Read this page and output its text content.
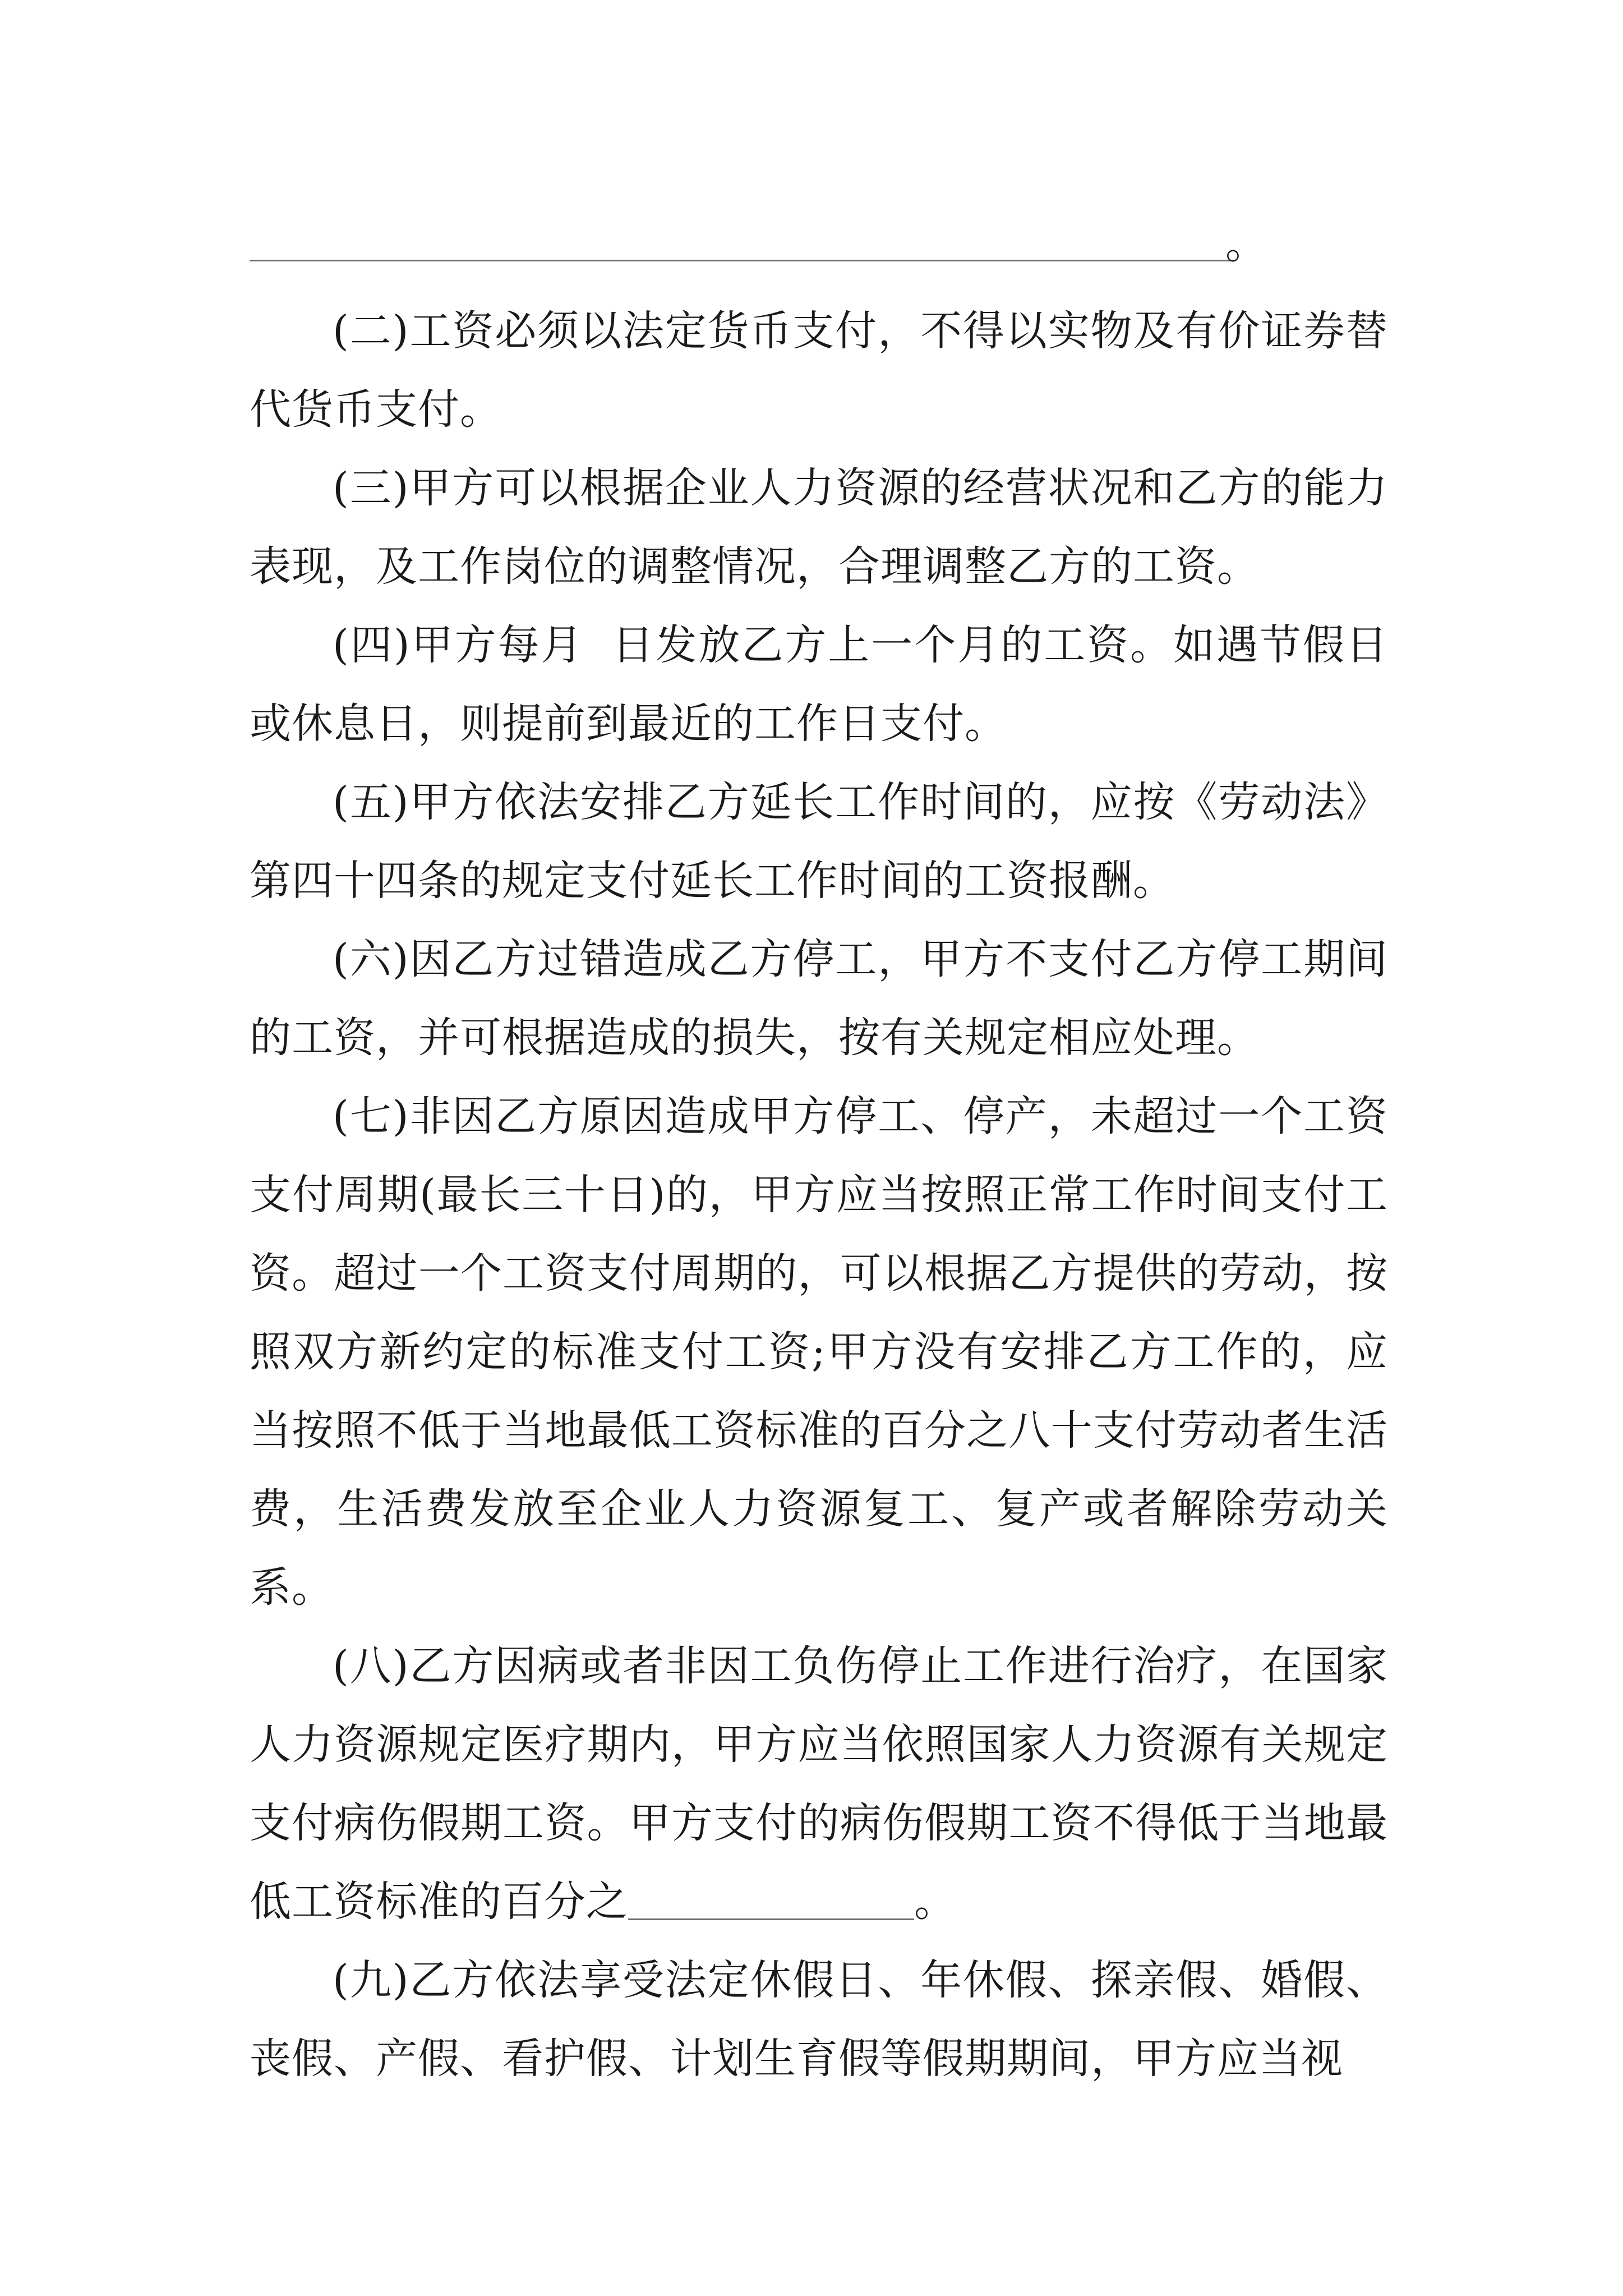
。

(二)工资必须以法定货币支付，不得以实物及有价证券替代货币支付。

(三)甲方可以根据企业人力资源的经营状况和乙方的能力表现，及工作岗位的调整情况，合理调整乙方的工资。

(四)甲方每月 日发放乙方上一个月的工资。如遇节假日或休息日，则提前到最近的工作日支付。

(五)甲方依法安排乙方延长工作时间的，应按《劳动法》第四十四条的规定支付延长工作时间的工资报酬。

(六)因乙方过错造成乙方停工，甲方不支付乙方停工期间的工资，并可根据造成的损失，按有关规定相应处理。

(七)非因乙方原因造成甲方停工、停产，未超过一个工资支付周期(最长三十日)的，甲方应当按照正常工作时间支付工资。超过一个工资支付周期的，可以根据乙方提供的劳动，按照双方新约定的标准支付工资;甲方没有安排乙方工作的，应当按照不低于当地最低工资标准的百分之八十支付劳动者生活费，生活费发放至企业人力资源复工、复产或者解除劳动关系。

(八)乙方因病或者非因工负伤停止工作进行治疗，在国家人力资源规定医疗期内，甲方应当依照国家人力资源有关规定支付病伤假期工资。甲方支付的病伤假期工资不得低于当地最低工资标准的百分之	。

(九)乙方依法享受法定休假日、年休假、探亲假、婚假、丧假、产假、看护假、计划生育假等假期期间，甲方应当视
